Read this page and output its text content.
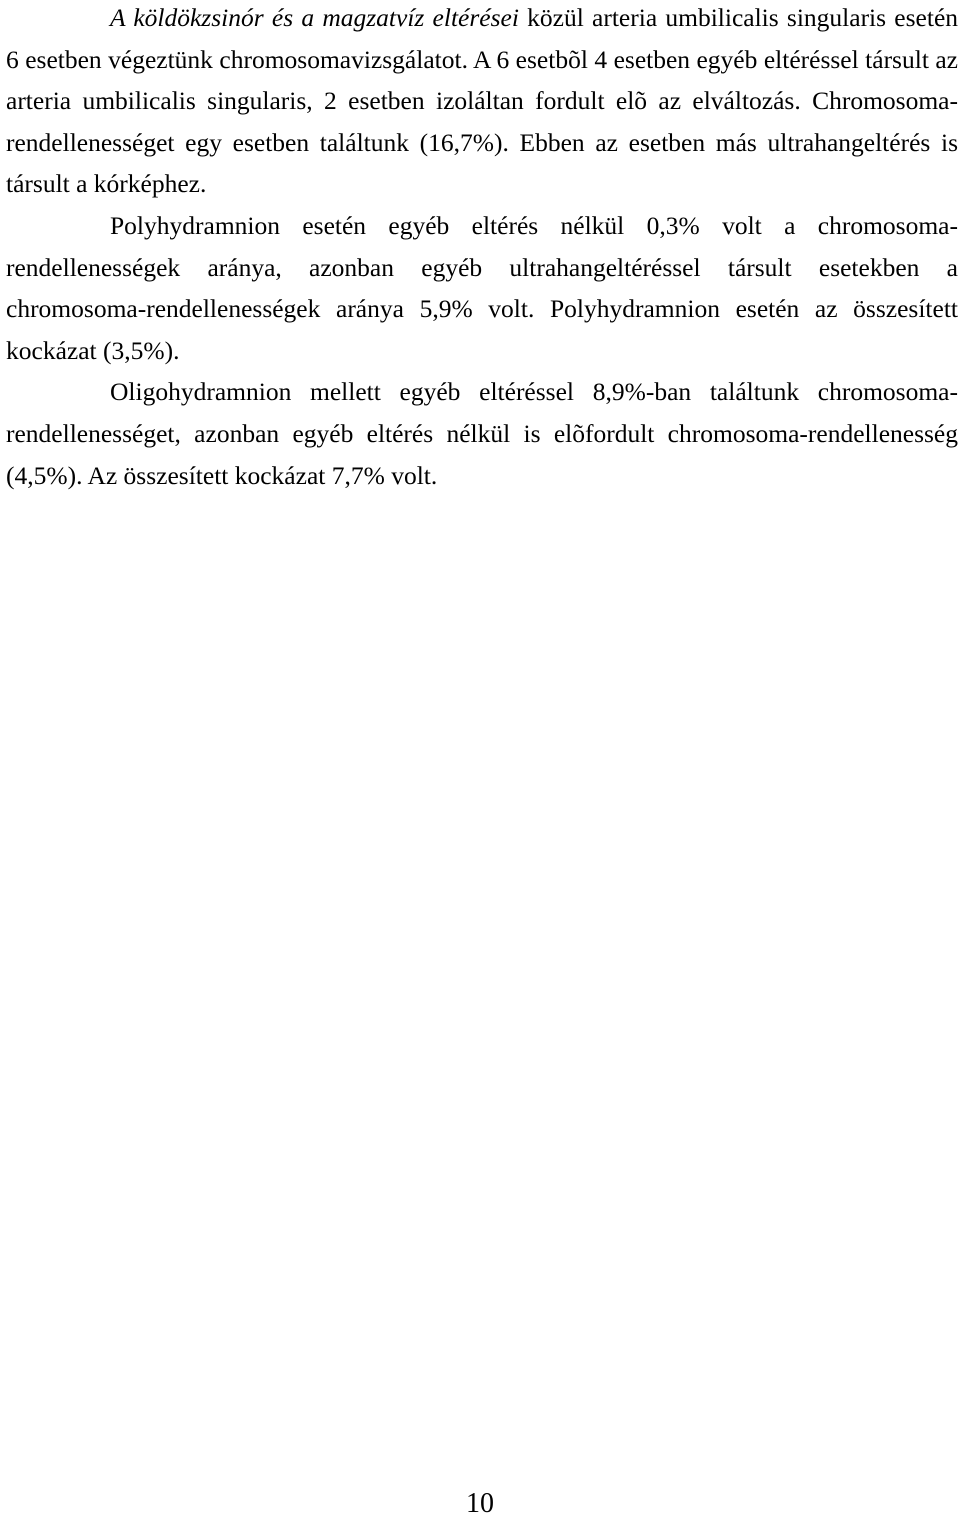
A köldökzsinór és a magzatvíz eltérései közül arteria umbilicalis singularis esetén 6 esetben végeztünk chromosomavizsgálatot. A 6 esetbõl 4 esetben egyéb eltéréssel társult az arteria umbilicalis singularis, 2 esetben izoláltan fordult elõ az elváltozás. Chromosoma-rendellenességet egy esetben találtunk (16,7%). Ebben az esetben más ultrahangeltérés is társult a kórképhez.

Polyhydramnion esetén egyéb eltérés nélkül 0,3% volt a chromosoma-rendellenességek aránya, azonban egyéb ultrahangeltéréssel társult esetekben a chromosoma-rendellenességek aránya 5,9% volt. Polyhydramnion esetén az összesített kockázat (3,5%).

Oligohydramnion mellett egyéb eltéréssel 8,9%-ban találtunk chromosoma-rendellenességet, azonban egyéb eltérés nélkül is elõfordult chromosoma-rendellenesség (4,5%). Az összesített kockázat 7,7% volt.

10
